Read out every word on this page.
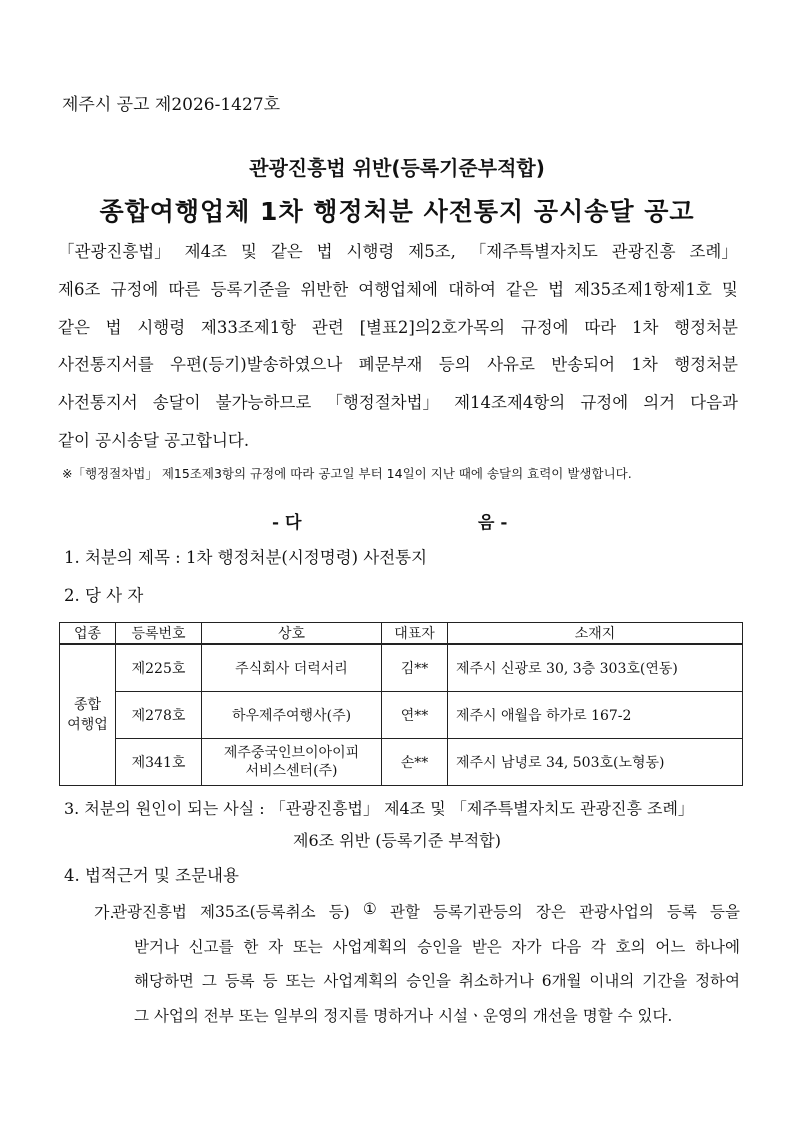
제주시 공고 제2026-1427호
관광진흥법 위반(등록기준부적합)
종합여행업체 1차 행정처분 사전통지 공시송달 공고
「관광진흥법」 제4조 및 같은 법 시행령 제5조, 「제주특별자치도 관광진흥 조례」
제6조 규정에 따른 등록기준을 위반한 여행업체에 대하여 같은 법 제35조제1항제1호 및
같은 법 시행령 제33조제1항 관련 [별표2]의2호가목의 규정에 따라 1차 행정처분
사전통지서를 우편(등기)발송하였으나 폐문부재 등의 사유로 반송되어 1차 행정처분
사전통지서 송달이 불가능하므로 「행정절차법」 제14조제4항의 규정에 의거 다음과
같이 공시송달 공고합니다.
※「행정절차법」 제15조제3항의 규정에 따라 공고일 부터 14일이 지난 때에 송달의 효력이 발생합니다.
- 다	음 -
1. 처분의 제목 : 1차 행정처분(시정명령) 사전통지
2. 당 사 자
업종	등록번호	상호	대표자	소재지
종합
여행업	제225호	주식회사 더럭서리	김**	제주시 신광로 30, 3층 303호(연동)
	제278호	하우제주여행사(주)	연**	제주시 애월읍 하가로 167-2
	제341호	제주중국인브이아이피
서비스센터(주)	손**	제주시 남녕로 34, 503호(노형동)
3. 처분의 원인이 되는 사실 : 「관광진흥법」 제4조 및 「제주특별자치도 관광진흥 조례」
제6조 위반 (등록기준 부적합)
4. 법적근거 및 조문내용
가.
관광진흥법 제35조(등록취소 등) ① 관할 등록기관등의 장은 관광사업의 등록 등을
받거나 신고를 한 자 또는 사업계획의 승인을 받은 자가 다음 각 호의 어느 하나에
해당하면 그 등록 등 또는 사업계획의 승인을 취소하거나 6개월 이내의 기간을 정하여
그 사업의 전부 또는 일부의 정지를 명하거나 시설ㆍ운영의 개선을 명할 수 있다.
